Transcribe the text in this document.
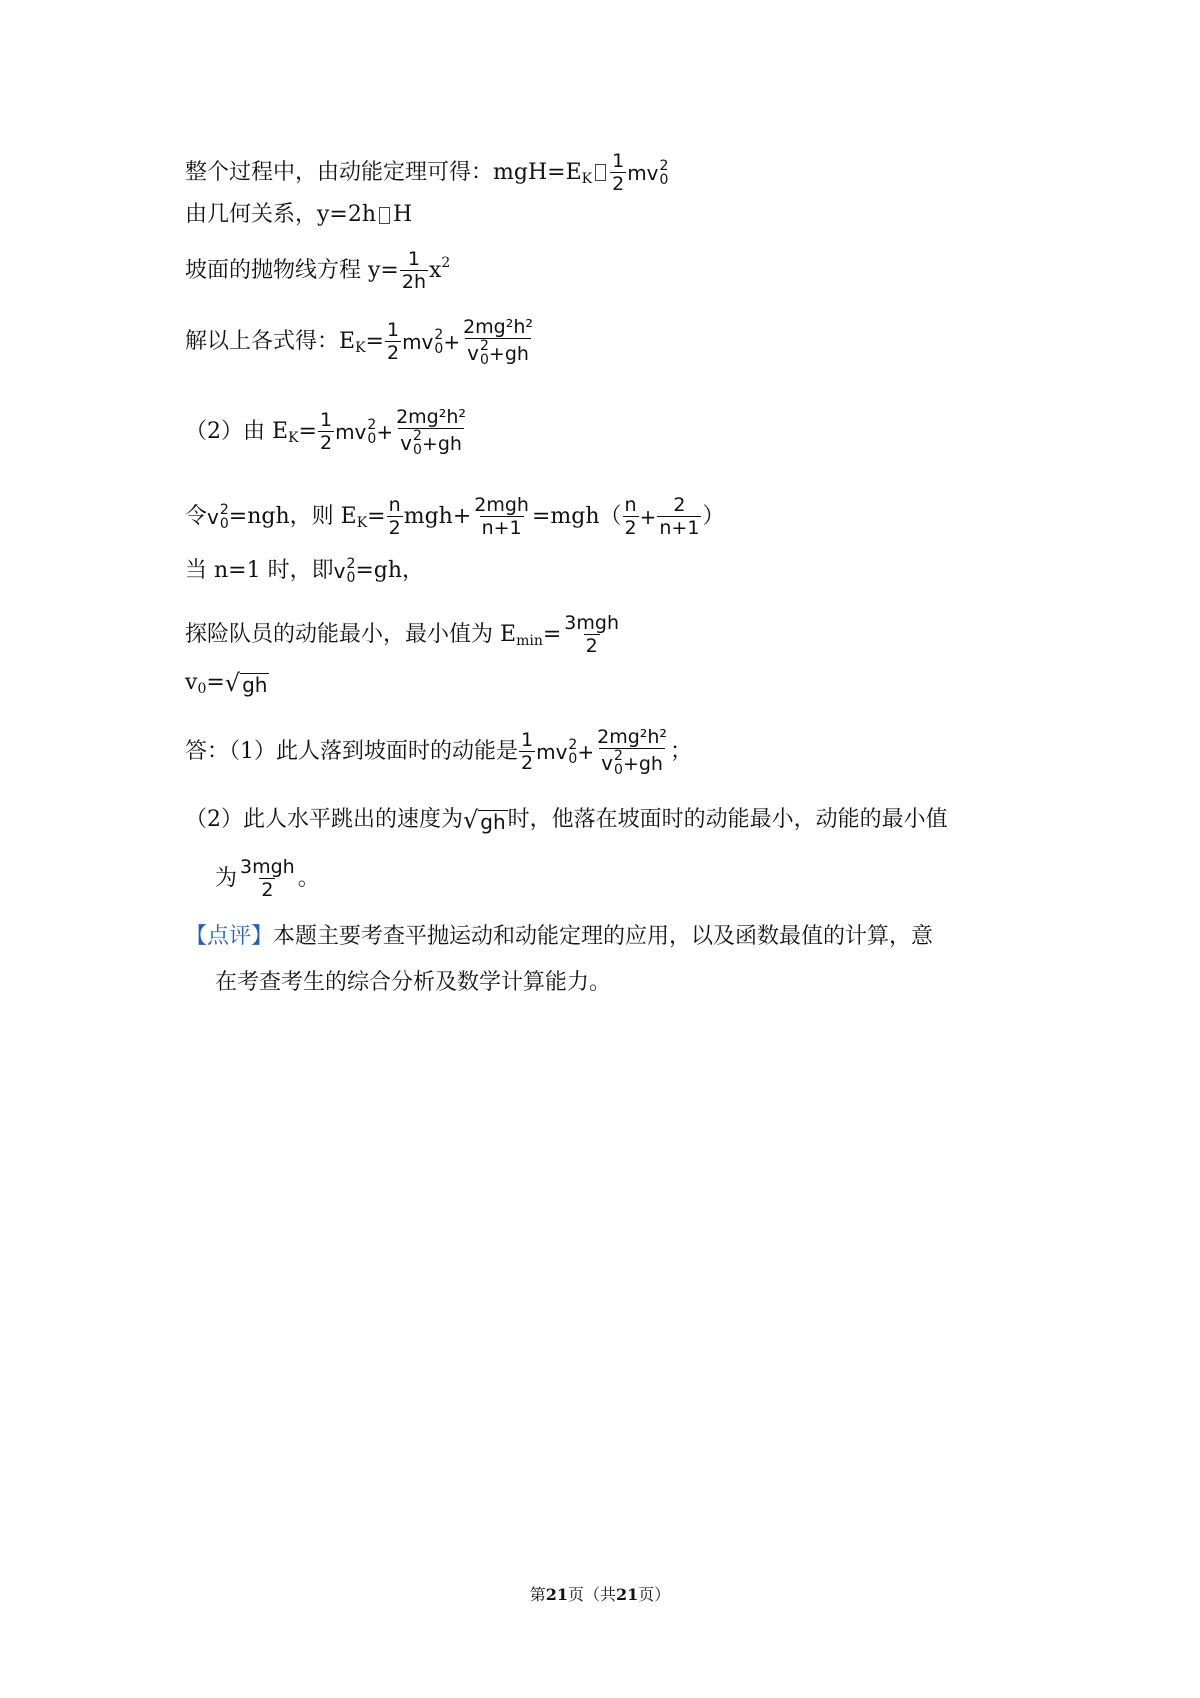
整个过程中，由动能定理可得：mgH=E K $\frac{1}{2}$ m v 2
0
由几何关系，y=2h H
坡面的抛物线方程 $y= \frac{1}{2h}$ x 2
解以上各式得：E $K = \frac{1}{2}$ m v 2
0 + 2mg²h²
v 2
0 +gh
（2）由 E $K = \frac{1}{2}$ m v 2
0 + 2mg²h²
v 2
0 +gh
令 v 2
0 =ngh，则 E $K = \frac{n}{2} mgh+ \frac{\text{2mgh}}{n+1} =mgh( \frac{n}{2} + \frac{2}{n+1}$ ）
当 n=1 时，即 v 2
0 =gh，
探险队员的动能最小，最小值为 E $\min = \frac{\text{3mgh}}{2}$
v 0 = √ gh
答：（1）此人落到坡面时的动能是 $\frac{1}{2}$ m v 2
0 + 2mg²h²
v 2
0 +gh ；
（2）此人水平跳出的速度为 √ gh 时，他落在坡面时的动能最小，动能的最小值
为 $\frac{\text{3mgh}}{2}$ 。
【点评】 本题主要考查平抛运动和动能定理的应用，以及函数最值的计算，意
在考查考生的综合分析及数学计算能力。
第21页（共21页）
